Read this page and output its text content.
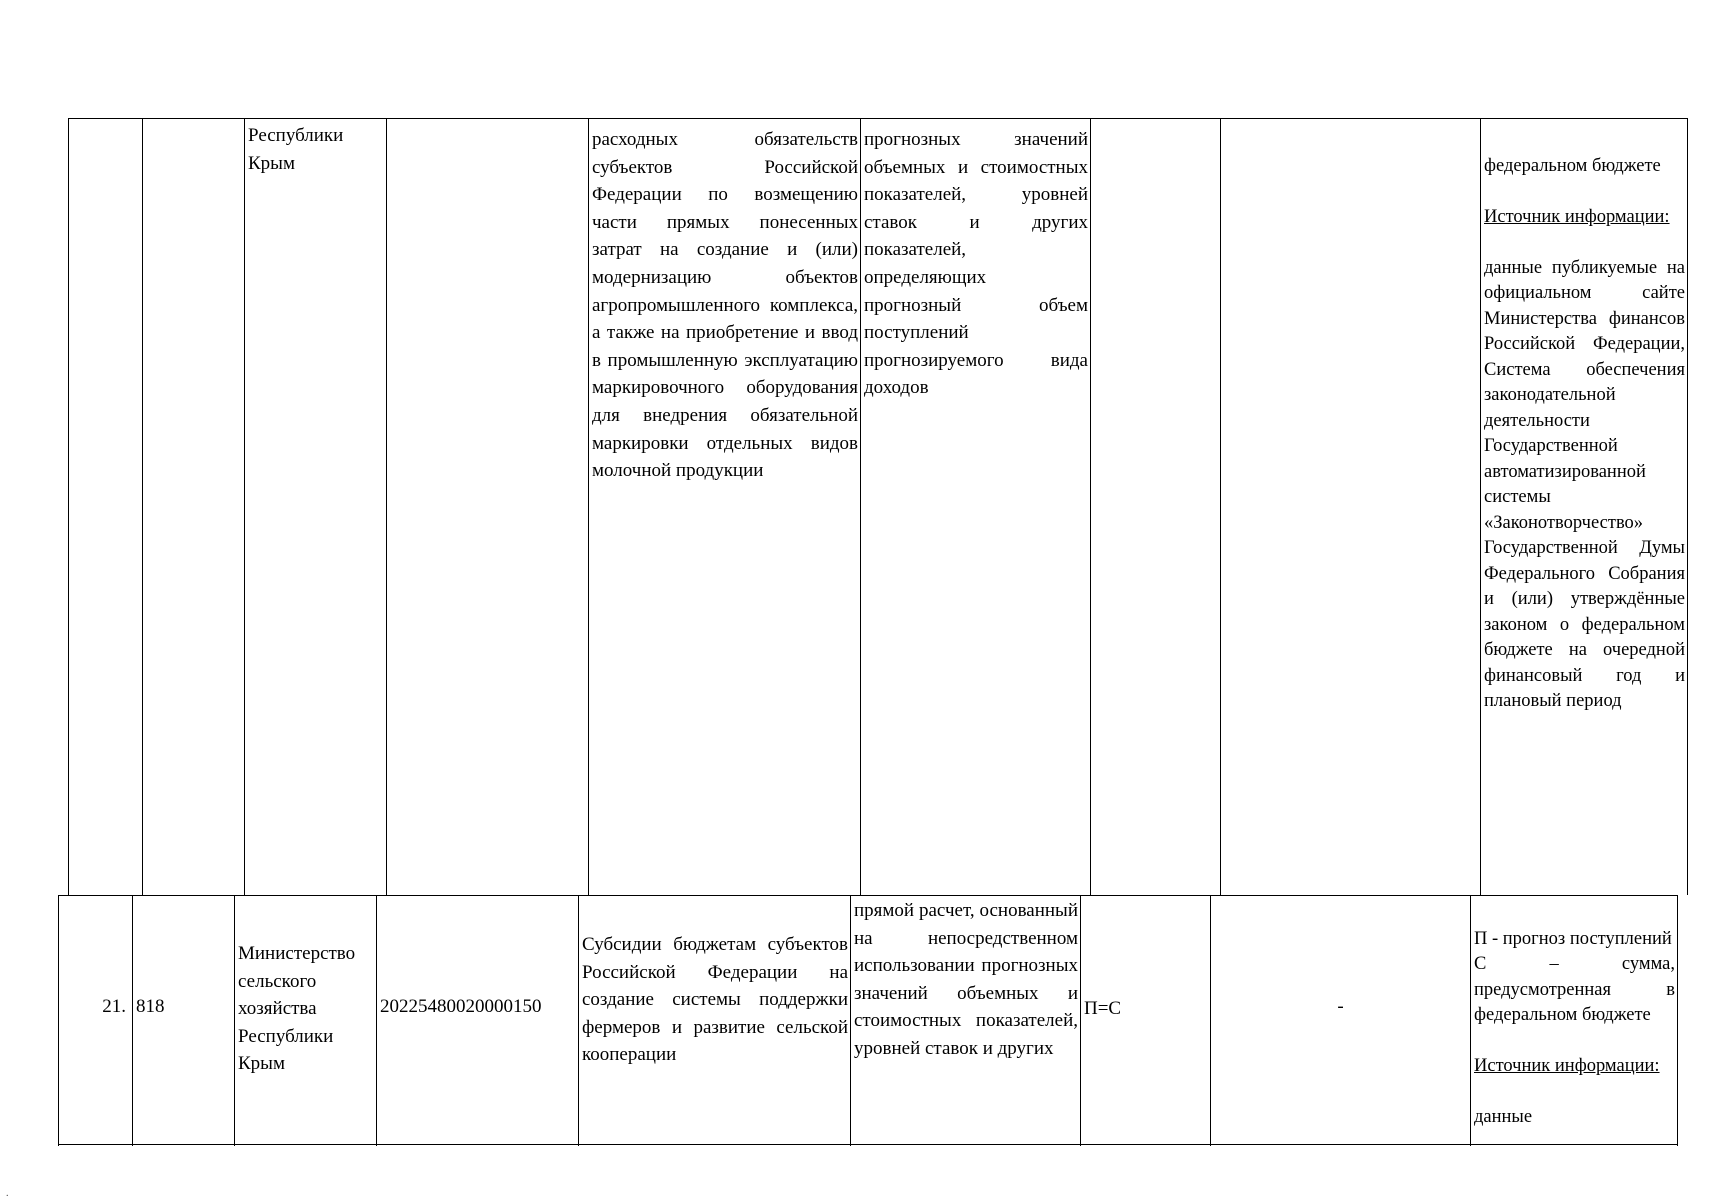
Республики
Крым
расходных обязательств субъектов Российской Федерации по возмещению части прямых понесенных затрат на создание и (или) модернизацию объектов агропромышленного комплекса, а также на приобретение и ввод в промышленную эксплуатацию маркировочного оборудования для внедрения обязательной маркировки отдельных видов молочной продукции
прогнозных значений объемных и стоимостных показателей, уровней ставок и других показателей, определяющих прогнозный объем поступлений прогнозируемого вида доходов

федеральном бюджете

Источник информации:

данные публикуемые на официальном сайте Министерства финансов Российской Федерации, Система обеспечения законодательной деятельности Государственной автоматизированной системы «Законотворчество» Государственной Думы Федерального Собрания и (или) утверждённые законом о федеральном бюджете на очередной финансовый год и плановый период

21. 818
Министерство сельского хозяйства Республики Крым
20225480020000150
Субсидии бюджетам субъектов Российской Федерации на создание системы поддержки фермеров и развитие сельской кооперации
прямой расчет, основанный на непосредственном использовании прогнозных значений объемных и стоимостных показателей, уровней ставок и других
П=С	-

П - прогноз поступлений
С – сумма, предусмотренная в федеральном бюджете

Источник информации:

данные

.
